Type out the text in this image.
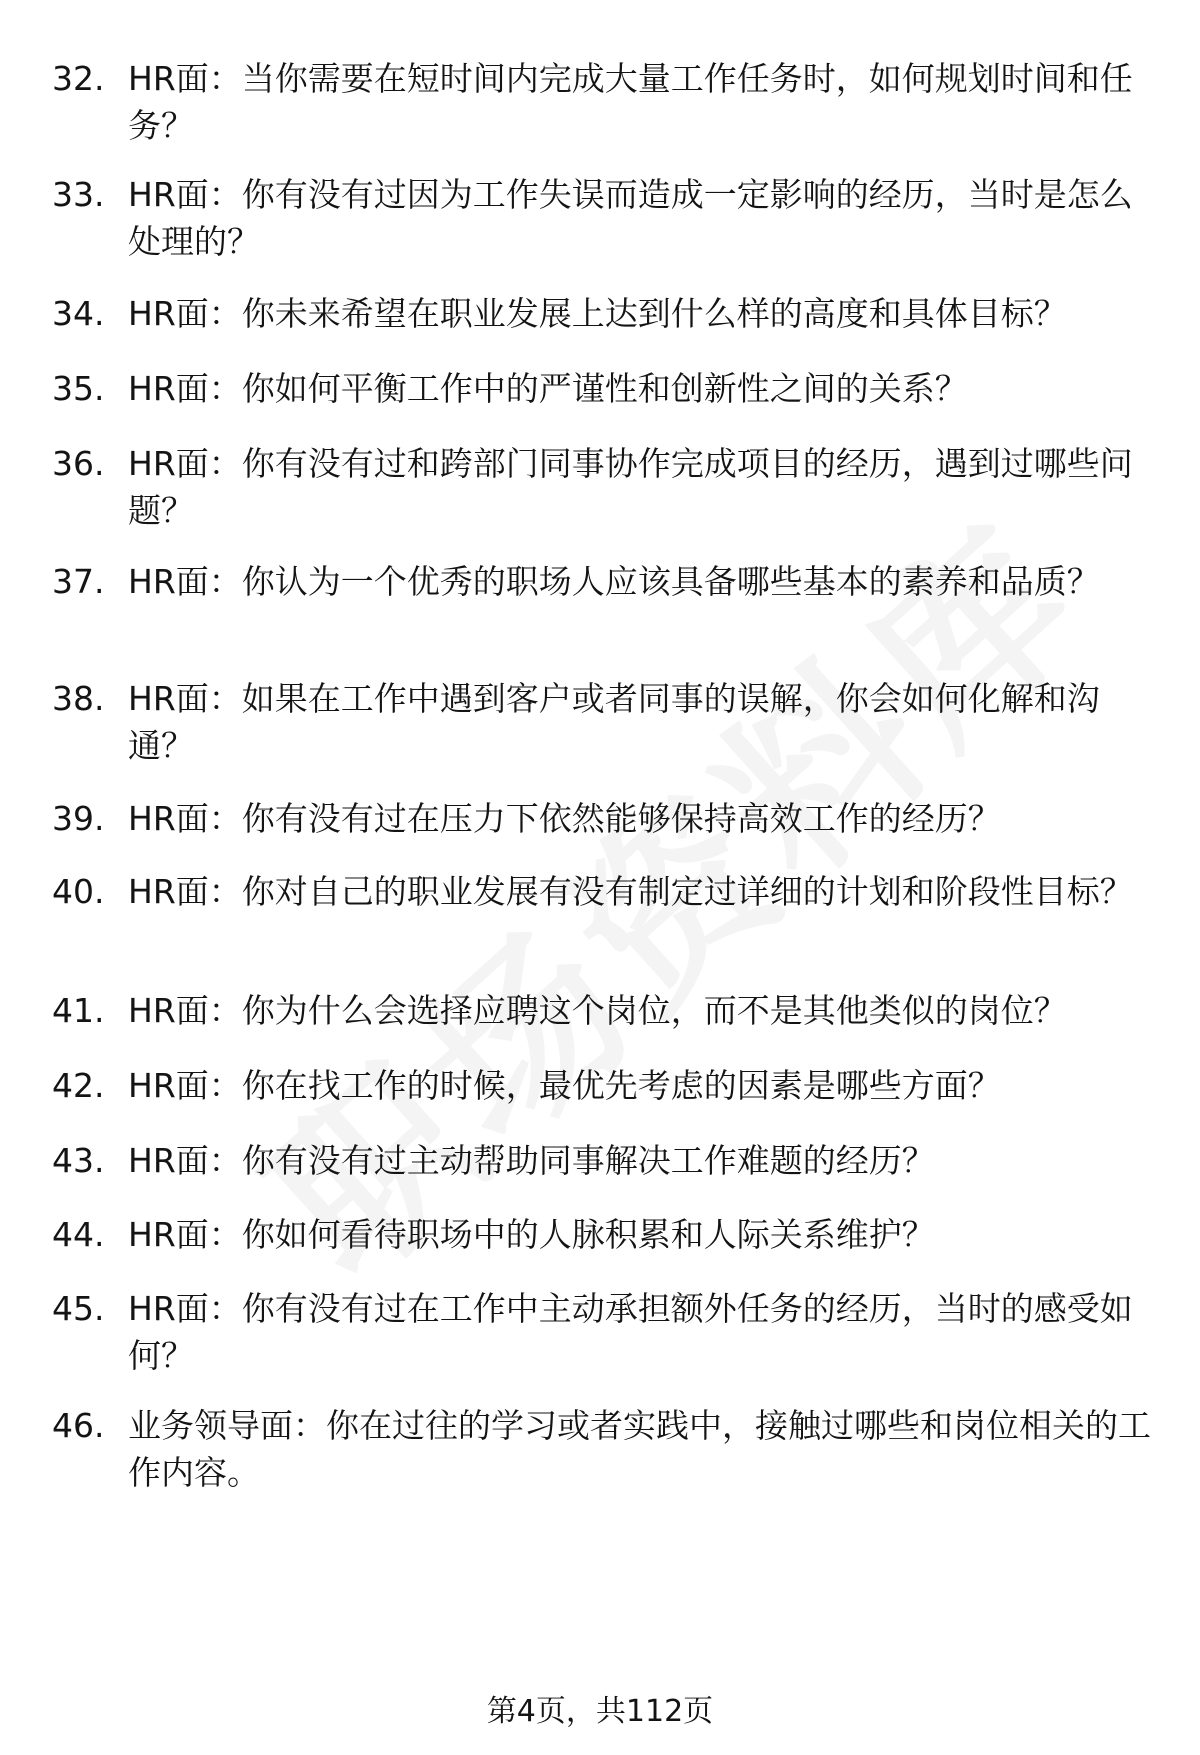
32. HR面：当你需要在短时间内完成大量工作任务时，如何规划时间和任务？
33. HR面：你有没有过因为工作失误而造成一定影响的经历，当时是怎么处理的？
34. HR面：你未来希望在职业发展上达到什么样的高度和具体目标？
35. HR面：你如何平衡工作中的严谨性和创新性之间的关系？
36. HR面：你有没有过和跨部门同事协作完成项目的经历，遇到过哪些问题？
37. HR面：你认为一个优秀的职场人应该具备哪些基本的素养和品质？
38. HR面：如果在工作中遇到客户或者同事的误解，你会如何化解和沟通？
39. HR面：你有没有过在压力下依然能够保持高效工作的经历？
40. HR面：你对自己的职业发展有没有制定过详细的计划和阶段性目标？
41. HR面：你为什么会选择应聘这个岗位，而不是其他类似的岗位？
42. HR面：你在找工作的时候，最优先考虑的因素是哪些方面？
43. HR面：你有没有过主动帮助同事解决工作难题的经历？
44. HR面：你如何看待职场中的人脉积累和人际关系维护？
45. HR面：你有没有过在工作中主动承担额外任务的经历，当时的感受如何？
46. 业务领导面：你在过往的学习或者实践中，接触过哪些和岗位相关的工作内容。
第4页，共112页
